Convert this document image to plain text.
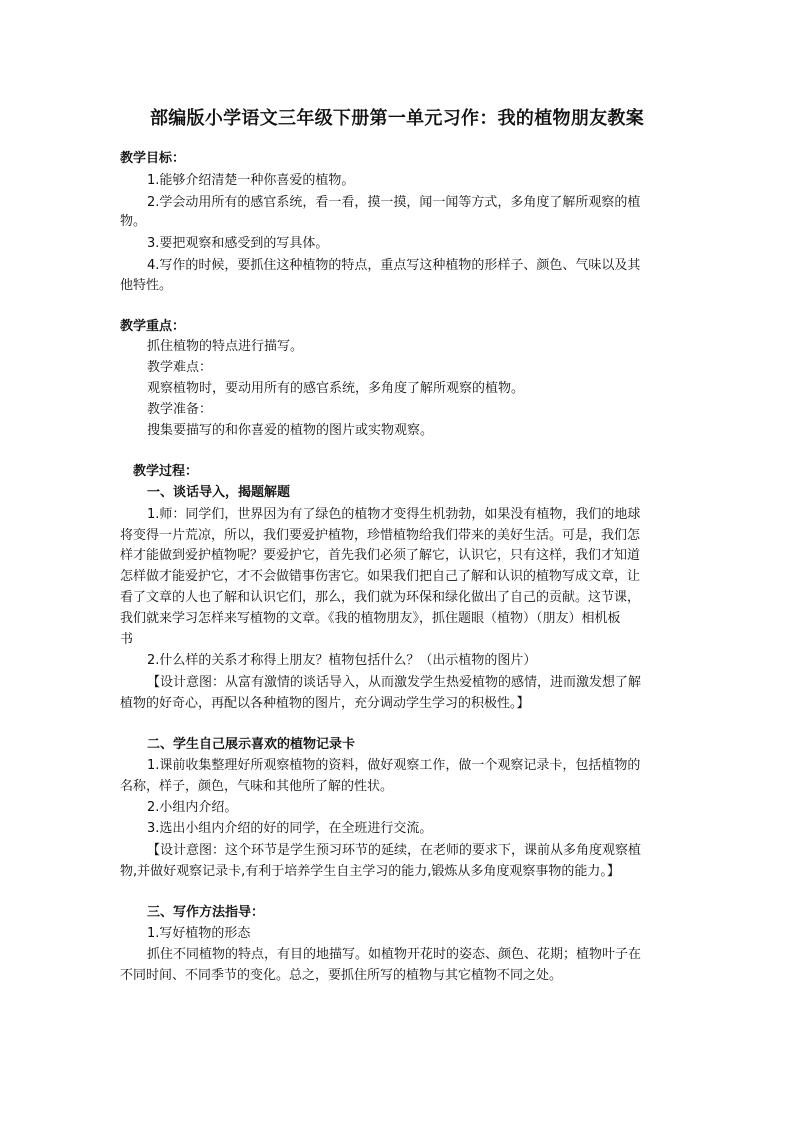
部编版小学语文三年级下册第一单元习作：我的植物朋友教案
教学目标：
1.能够介绍清楚一种你喜爱的植物。
2.学会动用所有的感官系统，看一看，摸一摸，闻一闻等方式，多角度了解所观察的植
物。
3.要把观察和感受到的写具体。
4.写作的时候，要抓住这种植物的特点，重点写这种植物的形样子、颜色、气味以及其
他特性。
教学重点：
抓住植物的特点进行描写。
教学难点：
观察植物时，要动用所有的感官系统，多角度了解所观察的植物。
教学准备：
搜集要描写的和你喜爱的植物的图片或实物观察。
教学过程：
一、谈话导入，揭题解题
1.师：同学们，世界因为有了绿色的植物才变得生机勃勃，如果没有植物，我们的地球
将变得一片荒凉，所以，我们要爱护植物，珍惜植物给我们带来的美好生活。可是，我们怎
样才能做到爱护植物呢？要爱护它，首先我们必须了解它，认识它，只有这样，我们才知道
怎样做才能爱护它，才不会做错事伤害它。如果我们把自己了解和认识的植物写成文章，让
看了文章的人也了解和认识它们，那么，我们就为环保和绿化做出了自己的贡献。这节课，
我们就来学习怎样来写植物的文章。《我的植物朋友》，抓住题眼（植物）（朋友）相机板
书
2.什么样的关系才称得上朋友？植物包括什么？（出示植物的图片）
【设计意图：从富有激情的谈话导入，从而激发学生热爱植物的感情，进而激发想了解
植物的好奇心，再配以各种植物的图片，充分调动学生学习的积极性。】
二、学生自己展示喜欢的植物记录卡
1.课前收集整理好所观察植物的资料，做好观察工作，做一个观察记录卡，包括植物的
名称，样子，颜色，气味和其他所了解的性状。
2.小组内介绍。
3.选出小组内介绍的好的同学，在全班进行交流。
【设计意图：这个环节是学生预习环节的延续，在老师的要求下，课前从多角度观察植
物,并做好观察记录卡,有利于培养学生自主学习的能力,锻炼从多角度观察事物的能力。】
三、写作方法指导：
1.写好植物的形态
抓住不同植物的特点，有目的地描写。如植物开花时的姿态、颜色、花期；植物叶子在
不同时间、不同季节的变化。总之，要抓住所写的植物与其它植物不同之处。
